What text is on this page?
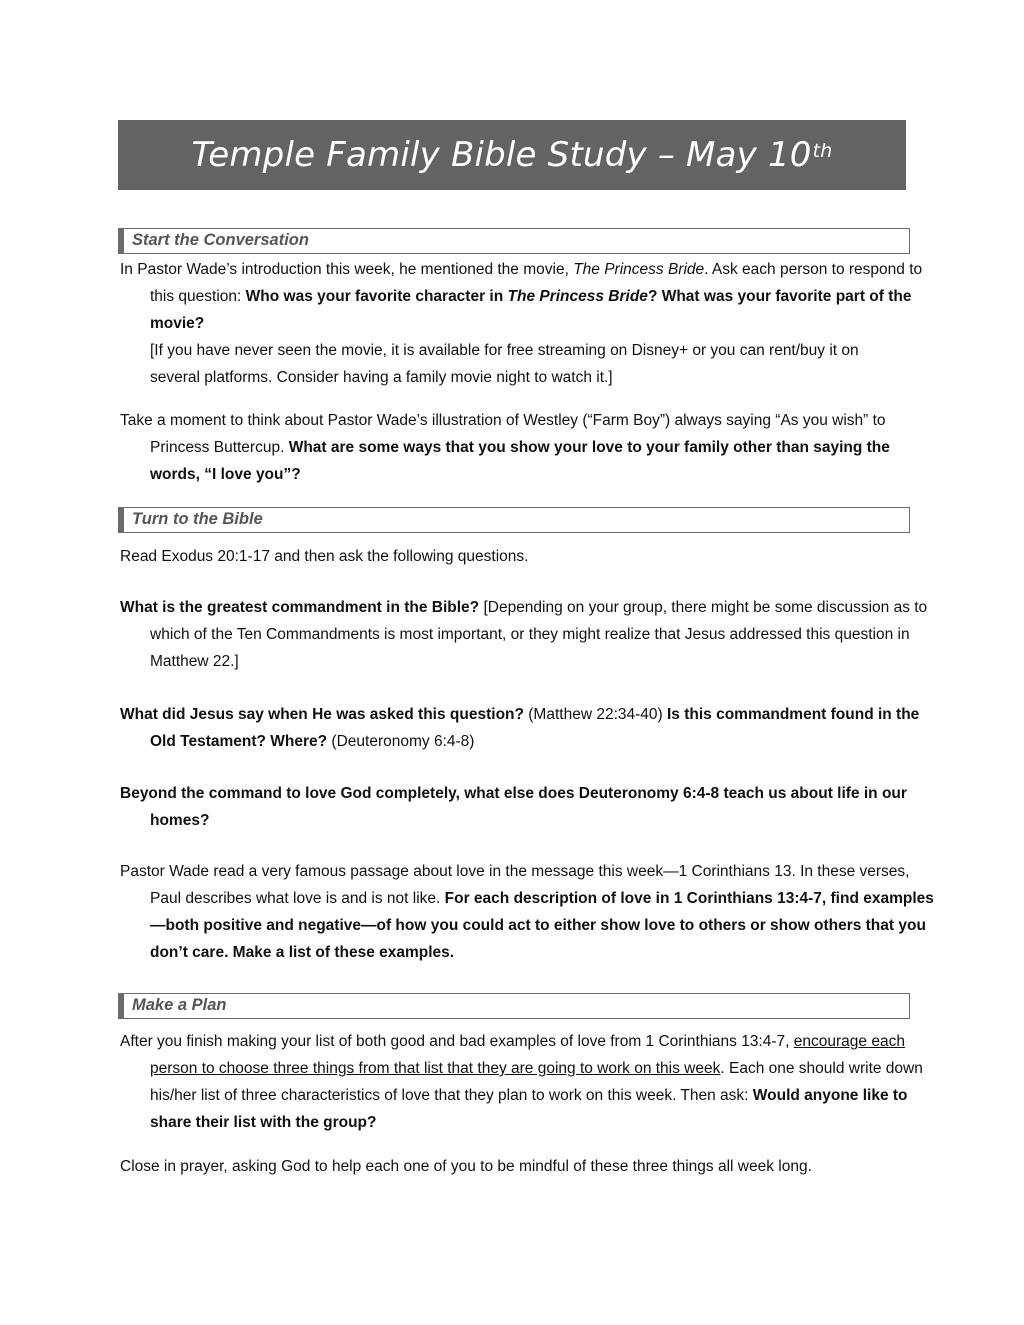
Temple Family Bible Study – May 10th
Start the Conversation

In Pastor Wade’s introduction this week, he mentioned the movie, The Princess Bride. Ask each person to respond to this question: Who was your favorite character in The Princess Bride? What was your favorite part of the movie?

[If you have never seen the movie, it is available for free streaming on Disney+ or you can rent/buy it on several platforms. Consider having a family movie night to watch it.]

Take a moment to think about Pastor Wade’s illustration of Westley (“Farm Boy”) always saying “As you wish” to Princess Buttercup. What are some ways that you show your love to your family other than saying the words, “I love you”?

Turn to the Bible

Read Exodus 20:1-17 and then ask the following questions.

What is the greatest commandment in the Bible? [Depending on your group, there might be some discussion as to which of the Ten Commandments is most important, or they might realize that Jesus addressed this question in Matthew 22.]

What did Jesus say when He was asked this question? (Matthew 22:34-40) Is this commandment found in the Old Testament? Where? (Deuteronomy 6:4-8)

Beyond the command to love God completely, what else does Deuteronomy 6:4-8 teach us about life in our homes?

Pastor Wade read a very famous passage about love in the message this week—1 Corinthians 13. In these verses, Paul describes what love is and is not like. For each description of love in 1 Corinthians 13:4-7, find examples—both positive and negative—of how you could act to either show love to others or show others that you don’t care. Make a list of these examples.

Make a Plan

After you finish making your list of both good and bad examples of love from 1 Corinthians 13:4-7, encourage each person to choose three things from that list that they are going to work on this week. Each one should write down his/her list of three characteristics of love that they plan to work on this week. Then ask: Would anyone like to share their list with the group?

Close in prayer, asking God to help each one of you to be mindful of these three things all week long.
